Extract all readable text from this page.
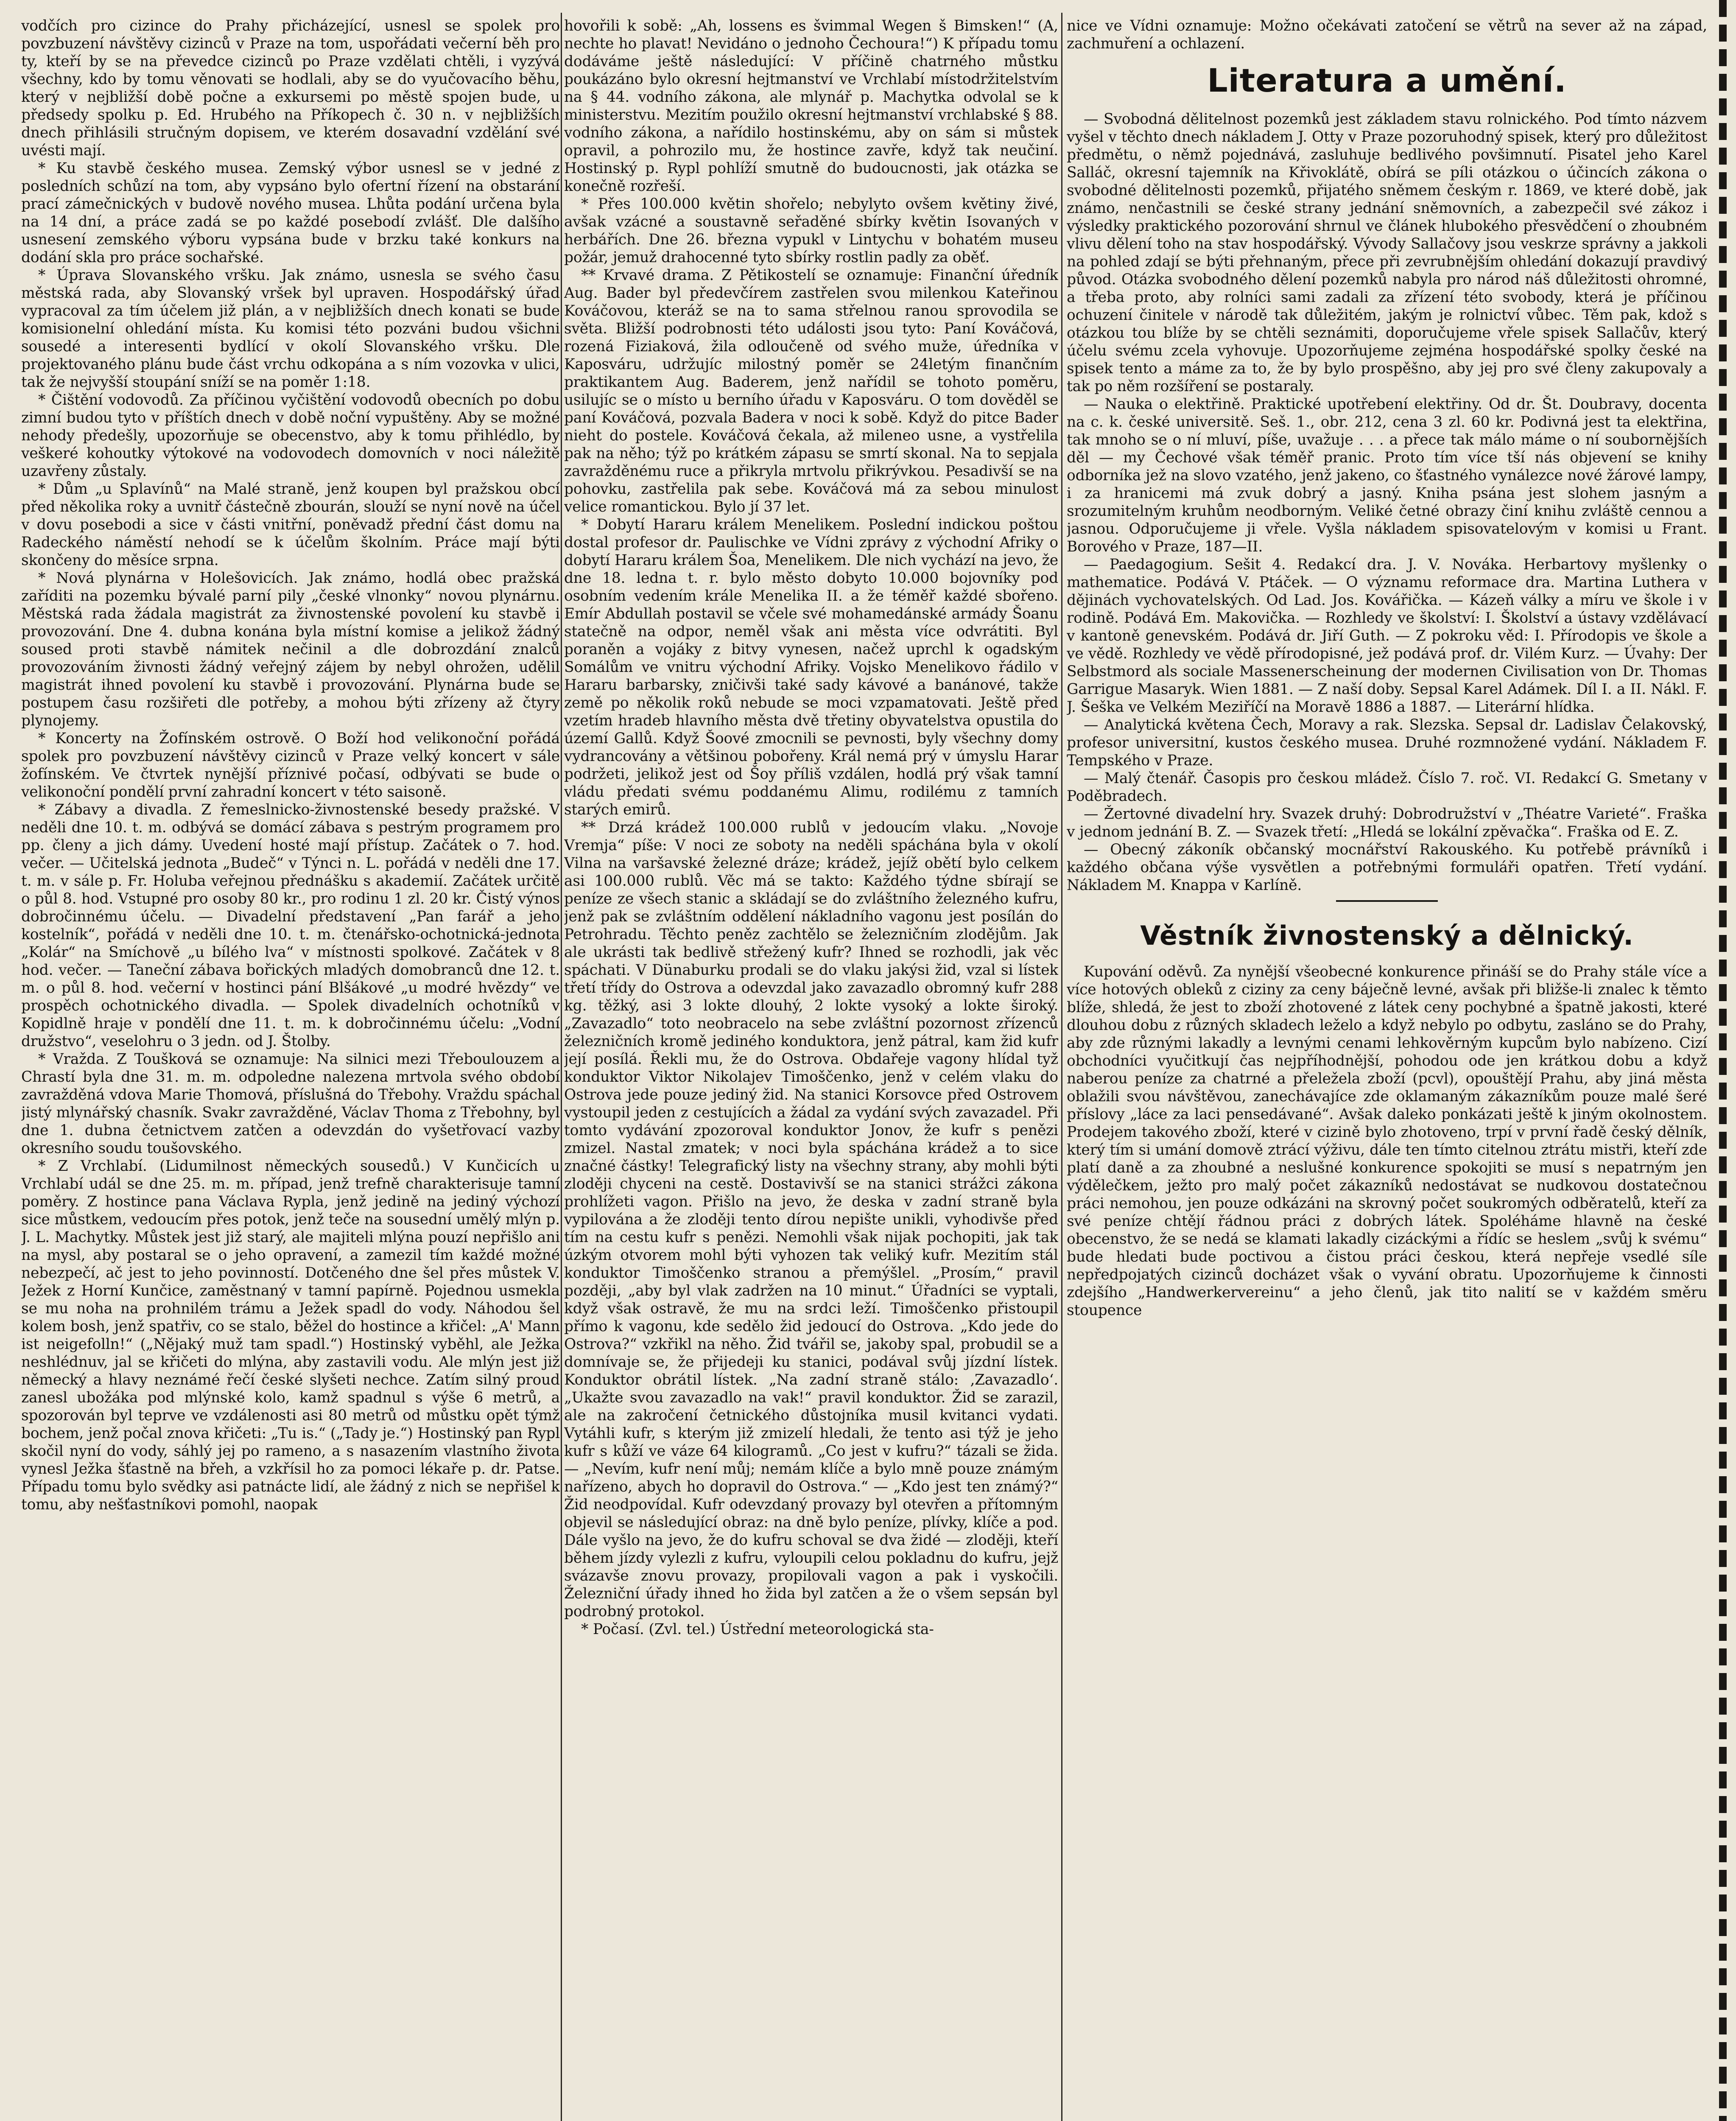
vodčích pro cizince do Prahy přicházející, usnesl se spolek pro povzbuzení návštěvy cizinců v Praze na tom, uspořádati večerní běh pro ty, kteří by se na převedce cizinců po Praze vzdělati chtěli, i vyzývá všechny, kdo by tomu věnovati se hodlali, aby se do vyučovacího běhu, který v nejbližší době počne a exkursemi po městě spojen bude, u předsedy spolku p. Ed. Hrubého na Příkopech č. 30 n. v nejbližších dnech přihlásili stručným dopisem, ve kterém dosavadní vzdělání své uvésti mají.

* Ku stavbě českého musea. Zemský výbor usnesl se v jedné z posledních schůzí na tom, aby vypsáno bylo ofertní řízení na obstarání prací zámečnických v budově nového musea. Lhůta podání určena byla na 14 dní, a práce zadá se po každé posebodí zvlášť. Dle dalšího usnesení zemského výboru vypsána bude v brzku také konkurs na dodání skla pro práce sochařské.

* Úprava Slovanského vršku. Jak známo, usnesla se svého času městská rada, aby Slovanský vršek byl upraven. Hospodářský úřad vypracoval za tím účelem již plán, a v nejbližších dnech konati se bude komisionelní ohledání místa. Ku komisi této pozváni budou všichni sousedé a interesenti bydlící v okolí Slovanského vršku. Dle projektovaného plánu bude část vrchu odkopána a s ním vozovka v ulici, tak že nejvyšší stoupání sníží se na poměr 1:18.

* Čištění vodovodů. Za příčinou vyčištění vodovodů obecních po dobu zimní budou tyto v příštích dnech v době noční vypuštěny. Aby se možné nehody předešly, upozorňuje se obecenstvo, aby k tomu přihlédlo, by veškeré kohoutky výtokové na vodovodech domovních v noci náležitě uzavřeny zůstaly.

* Dům „u Splavínů“ na Malé straně, jenž koupen byl pražskou obcí před několika roky a uvnitř částečně zbourán, slouží se nyní nově na účel v dovu posebodi a sice v části vnitřní, poněvadž přední část domu na Radeckého náměstí nehodí se k účelům školním. Práce mají býti skončeny do měsíce srpna.

* Nová plynárna v Holešovicích. Jak známo, hodlá obec pražská zaříditi na pozemku bývalé parní pily „české vlnonky“ novou plynárnu. Městská rada žádala magistrát za živnostenské povolení ku stavbě i provozování. Dne 4. dubna konána byla místní komise a jelikož žádný soused proti stavbě námitek nečinil a dle dobrozdání znalců provozováním živnosti žádný veřejný zájem by nebyl ohrožen, udělil magistrát ihned povolení ku stavbě i provozování. Plynárna bude se postupem času rozšiřeti dle potřeby, a mohou býti zřízeny až čtyry plynojemy.

* Koncerty na Žofínském ostrově. O Boží hod velikonoční pořádá spolek pro povzbuzení návštěvy cizinců v Praze velký koncert v sále žofínském. Ve čtvrtek nynější příznivé počasí, odbývati se bude o velikonoční pondělí první zahradní koncert v této saisoně.

* Zábavy a divadla. Z řemeslnicko-živnostenské besedy pražské. V neděli dne 10. t. m. odbývá se domácí zábava s pestrým programem pro pp. členy a jich dámy. Uvedení hosté mají přístup. Začátek o 7. hod. večer. — Učitelská jednota „Budeč“ v Týnci n. L. pořádá v neděli dne 17. t. m. v sále p. Fr. Holuba veřejnou přednášku s akademií. Začátek určitě o půl 8. hod. Vstupné pro osoby 80 kr., pro rodinu 1 zl. 20 kr. Čistý výnos dobročinnému účelu. — Divadelní představení „Pan farář a jeho kostelník“, pořádá v neděli dne 10. t. m. čtenářsko-ochotnická-jednota „Kolár“ na Smíchově „u bílého lva“ v místnosti spolkové. Začátek v 8 hod. večer. — Taneční zábava bořických mladých domobranců dne 12. t. m. o půl 8. hod. večerní v hostinci pání Blšákové „u modré hvězdy“ ve prospěch ochotnického divadla. — Spolek divadelních ochotníků v Kopidlně hraje v pondělí dne 11. t. m. k dobročinnému účelu: „Vodní družstvo“, veselohru o 3 jedn. od J. Štolby.

* Vražda. Z Toušková se oznamuje: Na silnici mezi Třeboulouzem a Chrastí byla dne 31. m. m. odpoledne nalezena mrtvola svého období zavražděná vdova Marie Thomová, příslušná do Třebohy. Vraždu spáchal jistý mlynářský chasník. Svakr zavražděné, Václav Thoma z Třebohny, byl dne 1. dubna četnictvem zatčen a odevzdán do vyšetřovací vazby okresního soudu toušovského.

* Z Vrchlabí. (Lidumilnost německých sousedů.) V Kunčicích u Vrchlabí udál se dne 25. m. m. případ, jenž trefně charakterisuje tamní poměry. Z hostince pana Václava Rypla, jenž jedině na jediný výchozí sice můstkem, vedoucím přes potok, jenž teče na sousední umělý mlýn p. J. L. Machytky. Můstek jest již starý, ale majiteli mlýna pouzí nepřišlo ani na mysl, aby postaral se o jeho opravení, a zamezil tím každé možné nebezpečí, ač jest to jeho povinností. Dotčeného dne šel přes můstek V. Ježek z Horní Kunčice, zaměstnaný v tamní papírně. Pojednou usmekla se mu noha na prohnilém trámu a Ježek spadl do vody. Náhodou šel kolem bosh, jenž spatřiv, co se stalo, běžel do hostince a křičel: „A' Mann ist neigefolln!“ („Nějaký muž tam spadl.“) Hostinský vyběhl, ale Ježka neshlédnuv, jal se křičeti do mlýna, aby zastavili vodu. Ale mlýn jest již německý a hlavy neznámé řečí české slyšeti nechce. Zatím silný proud zanesl ubožáka pod mlýnské kolo, kamž spadnul s výše 6 metrů, a spozorován byl teprve ve vzdálenosti asi 80 metrů od můstku opět týmž bochem, jenž počal znova křičeti: „Tu is.“ („Tady je.“) Hostinský pan Rypl skočil nyní do vody, sáhlý jej po rameno, a s nasazením vlastního života vynesl Ježka šťastně na břeh, a vzkřísil ho za pomoci lékaře p. dr. Patse. Případu tomu bylo svědky asi patnácte lidí, ale žádný z nich se nepřišel k tomu, aby nešťastníkovi pomohl, naopak

hovořili k sobě: „Ah, lossens es švimmal Wegen š Bimsken!“ (A, nechte ho plavat! Nevidáno o jednoho Čechoura!“) K případu tomu dodáváme ještě následující: V příčině chatrného můstku poukázáno bylo okresní hejtmanství ve Vrchlabí místodržitelstvím na § 44. vodního zákona, ale mlynář p. Machytka odvolal se k ministerstvu. Mezitím použilo okresní hejtmanství vrchlabské § 88. vodního zákona, a nařídilo hostinskému, aby on sám si můstek opravil, a pohrozilo mu, že hostince zavře, když tak neučiní. Hostinský p. Rypl pohlíží smutně do budoucnosti, jak otázka se konečně rozřeší.

* Přes 100.000 květin shořelo; nebylyto ovšem květiny živé, avšak vzácné a soustavně seřaděné sbírky květin Isovaných v herbářích. Dne 26. března vypukl v Lintychu v bohatém museu požár, jemuž drahocenné tyto sbírky rostlin padly za oběť.

** Krvavé drama. Z Pětikostelí se oznamuje: Finanční úředník Aug. Bader byl předevčírem zastřelen svou milenkou Kateřinou Kováčovou, kteráž se na to sama střelnou ranou sprovodila se světa. Bližší podrobnosti této události jsou tyto: Paní Kováčová, rozená Fiziaková, žila odloučeně od svého muže, úředníka v Kaposváru, udržujíc milostný poměr se 24letým finančním praktikantem Aug. Baderem, jenž nařídil se tohoto poměru, usilujíc se o místo u berního úřadu v Kaposváru. O tom dověděl se paní Kováčová, pozvala Badera v noci k sobě. Když do pitce Bader nieht do postele. Kováčová čekala, až mileneo usne, a vystřelila pak na něho; týž po krátkém zápasu se smrtí skonal. Na to sepjala zavražděnému ruce a přikryla mrtvolu přikrývkou. Pesadivší se na pohovku, zastřelila pak sebe. Kováčová má za sebou minulost velice romantickou. Bylo jí 37 let.

* Dobytí Hararu králem Menelikem. Poslední indickou poštou dostal profesor dr. Paulischke ve Vídni zprávy z východní Afriky o dobytí Hararu králem Šoa, Menelikem. Dle nich vychází na jevo, že dne 18. ledna t. r. bylo město dobyto 10.000 bojovníky pod osobním vedením krále Menelika II. a že téměř každé sbořeno. Emír Abdullah postavil se včele své mohamedánské armády Šoanu statečně na odpor, neměl však ani města více odvrátiti. Byl poraněn a vojáky z bitvy vynesen, načež uprchl k ogadským Somálům ve vnitru východní Afriky. Vojsko Menelikovo řádilo v Hararu barbarsky, zničivši také sady kávové a banánové, takže země po několik roků nebude se moci vzpamatovati. Ještě před vzetím hradeb hlavního města dvě třetiny obyvatelstva opustila do území Gallů. Když Šoové zmocnili se pevnosti, byly všechny domy vydrancovány a většinou pobořeny. Král nemá prý v úmyslu Harar podržeti, jelikož jest od Šoy příliš vzdálen, hodlá prý však tamní vládu předati svému poddanému Alimu, rodilému z tamních starých emirů.

** Drzá krádež 100.000 rublů v jedoucím vlaku. „Novoje Vremja“ píše: V noci ze soboty na neděli spáchána byla v okolí Vilna na varšavské železné dráze; krádež, jejíž obětí bylo celkem asi 100.000 rublů. Věc má se takto: Každého týdne sbírají se peníze ze všech stanic a skládají se do zvláštního železného kufru, jenž pak se zvláštním oddělení nákladního vagonu jest posílán do Petrohradu. Těchto peněz zachtělo se železničním zlodějům. Jak ale ukrásti tak bedlivě střežený kufr? Ihned se rozhodli, jak věc spáchati. V Dünaburku prodali se do vlaku jakýsi žid, vzal si lístek třetí třídy do Ostrova a odevzdal jako zavazadlo obromný kufr 288 kg. těžký, asi 3 lokte dlouhý, 2 lokte vysoký a lokte široký. „Zavazadlo“ toto neobracelo na sebe zvláštní pozornost zřízenců železničních kromě jediného konduktora, jenž pátral, kam žid kufr její posílá. Řekli mu, že do Ostrova. Obdařeje vagony hlídal tyž konduktor Viktor Nikolajev Timoščenko, jenž v celém vlaku do Ostrova jede pouze jediný žid. Na stanici Korsovce před Ostrovem vystoupil jeden z cestujících a žádal za vydání svých zavazadel. Při tomto vydávání zpozoroval konduktor Jonov, že kufr s penězi zmizel. Nastal zmatek; v noci byla spáchána krádež a to sice značné částky! Telegrafický listy na všechny strany, aby mohli býti zloději chyceni na cestě. Dostavivší se na stanici strážci zákona prohlížeti vagon. Přišlo na jevo, že deska v zadní straně byla vypilována a že zloději tento dírou nepište unikli, vyhodivše před tím na cestu kufr s penězi. Nemohli však nijak pochopiti, jak tak úzkým otvorem mohl býti vyhozen tak veliký kufr. Mezitím stál konduktor Timoščenko stranou a přemýšlel. „Prosím,“ pravil později, „aby byl vlak zadržen na 10 minut.“ Úřadníci se vyptali, když však ostravě, že mu na srdci leží. Timoščenko přistoupil přímo k vagonu, kde sedělo žid jedoucí do Ostrova. „Kdo jede do Ostrova?“ vzkřikl na něho. Žid tvářil se, jakoby spal, probudil se a domnívaje se, že přijedeji ku stanici, podával svůj jízdní lístek. Konduktor obrátil lístek. „Na zadní straně stálo: ‚Zavazadlo‘. „Ukažte svou zavazadlo na vak!“ pravil konduktor. Žid se zarazil, ale na zakročení četnického důstojníka musil kvitanci vydati. Vytáhli kufr, s kterým již zmizelí hledali, že tento asi týž je jeho kufr s kůží ve váze 64 kilogramů. „Co jest v kufru?“ tázali se žida. — „Nevím, kufr není můj; nemám klíče a bylo mně pouze známým nařízeno, abych ho dopravil do Ostrova.“ — „Kdo jest ten známý?“ Žid neodpovídal. Kufr odevzdaný provazy byl otevřen a přítomným objevil se následující obraz: na dně bylo peníze, plívky, klíče a pod. Dále vyšlo na jevo, že do kufru schoval se dva židé — zloději, kteří během jízdy vylezli z kufru, vyloupili celou pokladnu do kufru, jejž svázavše znovu provazy, propilovali vagon a pak i vyskočili. Železniční úřady ihned ho žida byl zatčen a že o všem sepsán byl podrobný protokol.

* Počasí. (Zvl. tel.) Ústřední meteorologická sta-

nice ve Vídni oznamuje: Možno očekávati zatočení se větrů na sever až na západ, zachmuření a ochlazení.

Literatura a umění.

— Svobodná dělitelnost pozemků jest základem stavu rolnického. Pod tímto názvem vyšel v těchto dnech nákladem J. Otty v Praze pozoruhodný spisek, který pro důležitost předmětu, o němž pojednává, zasluhuje bedlivého povšimnutí. Pisatel jeho Karel Salláč, okresní tajemník na Křivoklátě, obírá se píli otázkou o účincích zákona o svobodné dělitelnosti pozemků, přijatého sněmem českým r. 1869, ve které době, jak známo, nenčastnili se české strany jednání sněmovních, a zabezpečil své zákoz i výsledky praktického pozorování shrnul ve článek hlubokého přesvědčení o zhoubném vlivu dělení toho na stav hospodářský. Vývody Sallačovy jsou veskrze správny a jakkoli na pohled zdají se býti přehnaným, přece při zevrubnějším ohledání dokazují pravdivý původ. Otázka svobodného dělení pozemků nabyla pro národ náš důležitosti ohromné, a třeba proto, aby rolníci sami zadali za zřízení této svobody, která je příčinou ochuzení činitele v národě tak důležitém, jakým je rolnictví vůbec. Těm pak, kdož s otázkou tou blíže by se chtěli seznámiti, doporučujeme vřele spisek Sallačův, který účelu svému zcela vyhovuje. Upozorňujeme zejména hospodářské spolky české na spisek tento a máme za to, že by bylo prospěšno, aby jej pro své členy zakupovaly a tak po něm rozšíření se postaraly.

— Nauka o elektřině. Praktické upotřebení elektřiny. Od dr. Št. Doubravy, docenta na c. k. české universitě. Seš. 1., obr. 212, cena 3 zl. 60 kr. Podivná jest ta elektřina, tak mnoho se o ní mluví, píše, uvažuje . . . a přece tak málo máme o ní soubornějších děl — my Čechové však téměř pranic. Proto tím více tší nás objevení se knihy odborníka jež na slovo vzatého, jenž jakeno, co šťastného vynálezce nové žárové lampy, i za hranicemi má zvuk dobrý a jasný. Kniha psána jest slohem jasným a srozumitelným kruhům neodborným. Veliké četné obrazy činí knihu zvláště cennou a jasnou. Odporučujeme ji vřele. Vyšla nákladem spisovatelovým v komisi u Frant. Borového v Praze, 187—II.

— Paedagogium. Sešit 4. Redakcí dra. J. V. Nováka. Herbartovy myšlenky o mathematice. Podává V. Ptáček. — O významu reformace dra. Martina Luthera v dějinách vychovatelských. Od Lad. Jos. Kovářička. — Kázeň války a míru ve škole i v rodině. Podává Em. Makovička. — Rozhledy ve školství: I. Školství a ústavy vzdělávací v kantoně genevském. Podává dr. Jiří Guth. — Z pokroku věd: I. Přírodopis ve škole a ve vědě. Rozhledy ve vědě přírodopisné, jež podává prof. dr. Vilém Kurz. — Úvahy: Der Selbstmord als sociale Massenerscheinung der modernen Civilisation von Dr. Thomas Garrigue Masaryk. Wien 1881. — Z naší doby. Sepsal Karel Adámek. Díl I. a II. Nákl. F. J. Šeška ve Velkém Meziříčí na Moravě 1886 a 1887. — Literární hlídka.

— Analytická květena Čech, Moravy a rak. Slezska. Sepsal dr. Ladislav Čelakovský, profesor universitní, kustos českého musea. Druhé rozmnožené vydání. Nákladem F. Tempského v Praze.

— Malý čtenář. Časopis pro českou mládež. Číslo 7. roč. VI. Redakcí G. Smetany v Poděbradech.

— Žertovné divadelní hry. Svazek druhý: Dobrodružství v „Théatre Varieté“. Fraška v jednom jednání B. Z. — Svazek třetí: „Hledá se lokální zpěvačka“. Fraška od E. Z.

— Obecný zákoník občanský mocnářství Rakouského. Ku potřebě právníků i každého občana výše vysvětlen a potřebnými formuláři opatřen. Třetí vydání. Nákladem M. Knappa v Karlíně.

Věstník živnostenský a dělnický.

Kupování oděvů. Za nynější všeobecné konkurence přináší se do Prahy stále více a více hotových obleků z ciziny za ceny báječně levné, avšak při bližše-li znalec k těmto blíže, shledá, že jest to zboží zhotovené z látek ceny pochybné a špatně jakosti, které dlouhou dobu z různých skladech leželo a když nebylo po odbytu, zasláno se do Prahy, aby zde různými lakadly a levnými cenami lehkověrným kupcům bylo nabízeno. Cizí obchodníci vyučitkují čas nejpříhodnější, pohodou ode jen krátkou dobu a když naberou peníze za chatrné a přeležela zboží (pcvl), opouštějí Prahu, aby jiná města oblažili svou návštěvou, zanechávajíce zde oklamaným zákazníkům pouze malé šeré příslovy „láce za laci pensedávané“. Avšak daleko ponkázati ještě k jiným okolnostem. Prodejem takového zboží, které v cizině bylo zhotoveno, trpí v první řadě český dělník, který tím si umání domově ztrácí výživu, dále ten tímto citelnou ztrátu mistři, kteří zde platí daně a za zhoubné a neslušné konkurence spokojiti se musí s nepatrným jen výdělečkem, ježto pro malý počet zákazníků nedostávat se nudkovou dostatečnou práci nemohou, jen pouze odkázáni na skrovný počet soukromých odběratelů, kteří za své peníze chtějí řádnou práci z dobrých látek. Spoléháme hlavně na české obecenstvo, že se nedá se klamati lakadly cizáckými a řídíc se heslem „svůj k svému“ bude hledati bude poctivou a čistou práci českou, která nepřeje vsedlé síle nepředpojatých cizinců docházet však o vyvání obratu. Upozorňujeme k činnosti zdejšího „Handwerkervereinu“ a jeho členů, jak tito nalití se v každém směru stoupence
